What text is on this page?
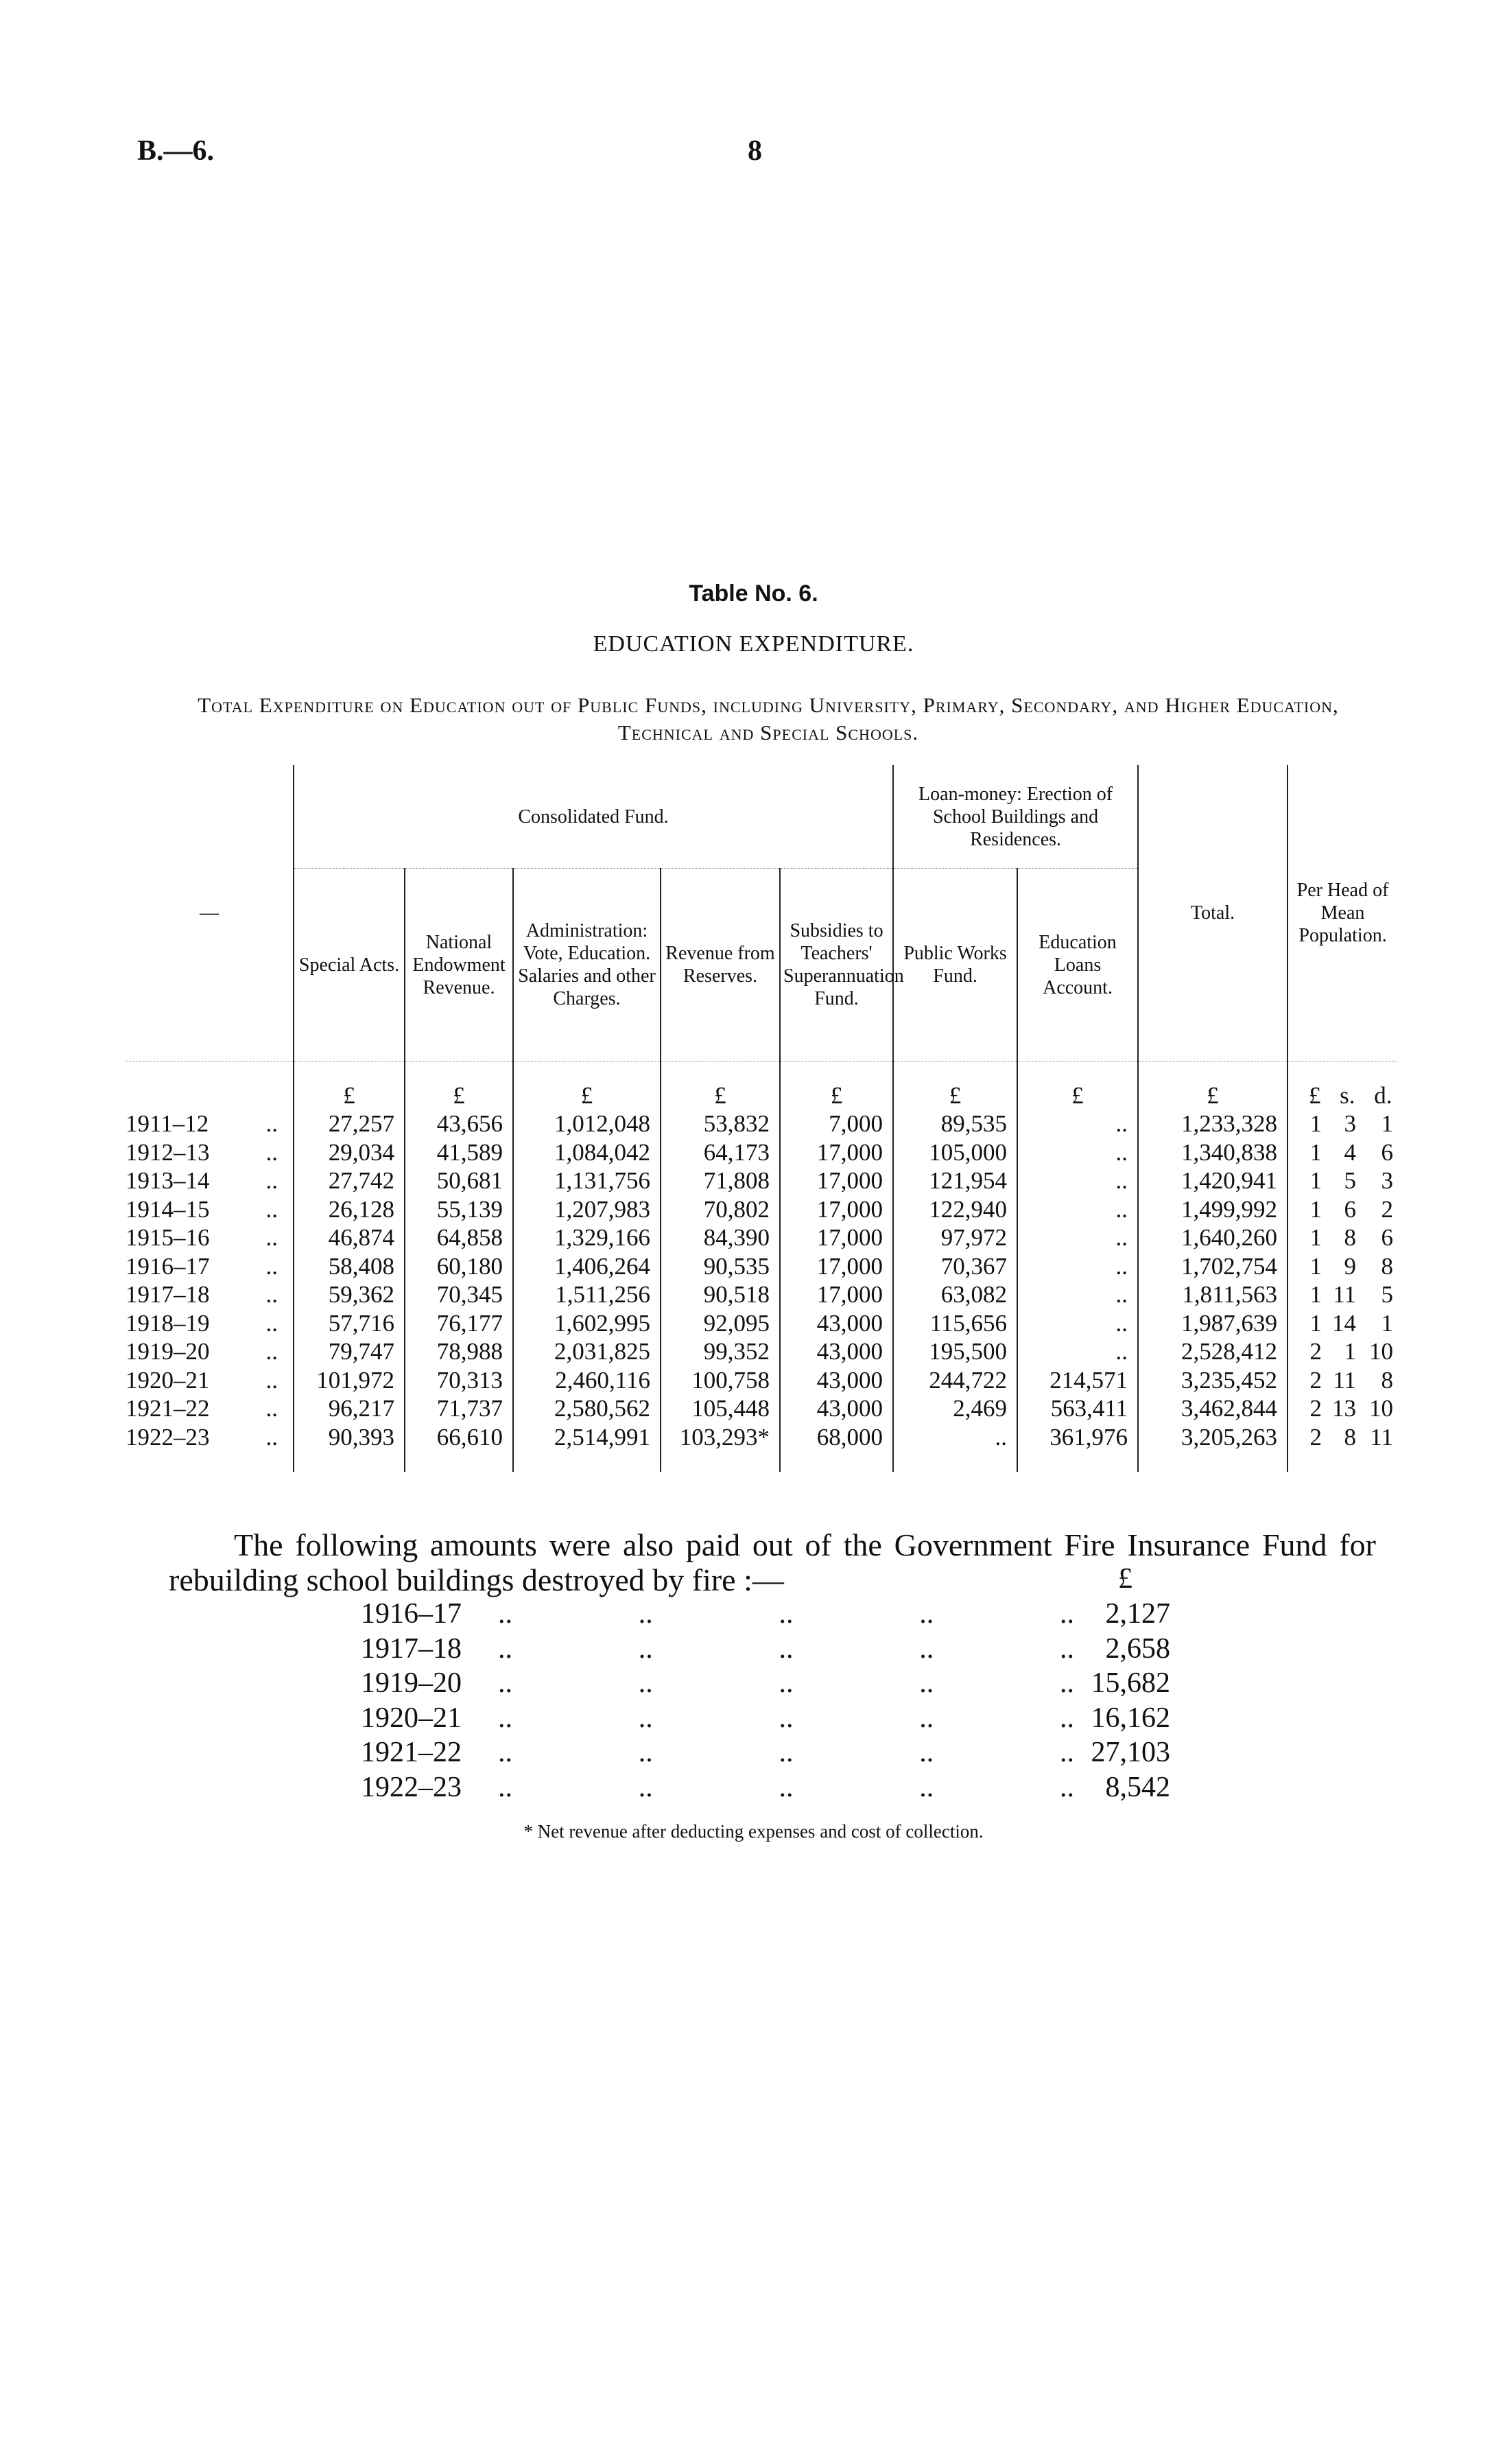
B.—6.	8
Table No. 6.
EDUCATION EXPENDITURE.
Total Expenditure on Education out of Public Funds, including University, Primary, Secondary, and Higher Education, Technical and Special Schools.
—	Consolidated Fund.					Loan-money: Erection of School Buildings and Residences.		Total.	Per Head of Mean Population.
	Special Acts.	National Endowment Revenue.	Administration: Vote, Education. Salaries and other Charges.	Revenue from Reserves.	Subsidies to Teachers' Superannuation Fund.	Public Works Fund.	Education Loans Account.		
	£	£	£	£	£	£	£	£	£ s. d.
1911–12 ..	27,257	43,656	1,012,048	53,832	7,000	89,535	..	1,233,328	1 3 1
1912–13 ..	29,034	41,589	1,084,042	64,173	17,000	105,000	..	1,340,838	1 4 6
1913–14 ..	27,742	50,681	1,131,756	71,808	17,000	121,954	..	1,420,941	1 5 3
1914–15 ..	26,128	55,139	1,207,983	70,802	17,000	122,940	..	1,499,992	1 6 2
1915–16 ..	46,874	64,858	1,329,166	84,390	17,000	97,972	..	1,640,260	1 8 6
1916–17 ..	58,408	60,180	1,406,264	90,535	17,000	70,367	..	1,702,754	1 9 8
1917–18 ..	59,362	70,345	1,511,256	90,518	17,000	63,082	..	1,811,563	1 11 5
1918–19 ..	57,716	76,177	1,602,995	92,095	43,000	115,656	..	1,987,639	1 14 1
1919–20 ..	79,747	78,988	2,031,825	99,352	43,000	195,500	..	2,528,412	2 1 10
1920–21 ..	101,972	70,313	2,460,116	100,758	43,000	244,722	214,571	3,235,452	2 11 8
1921–22 ..	96,217	71,737	2,580,562	105,448	43,000	2,469	563,411	3,462,844	2 13 10
1922–23 ..	90,393	66,610	2,514,991	103,293*	68,000	..	361,976	3,205,263	2 8 11

The following amounts were also paid out of the Government Fire Insurance Fund for rebuilding school buildings destroyed by fire :—	£
1916–17 ..	..	..	..	.. 2,127
1917–18 ..	..	..	..	.. 2,658
1919–20 ..	..	..	..	.. 15,682
1920–21 ..	..	..	..	.. 16,162
1921–22 ..	..	..	..	.. 27,103
1922–23 ..	..	..	..	.. 8,542
* Net revenue after deducting expenses and cost of collection.
